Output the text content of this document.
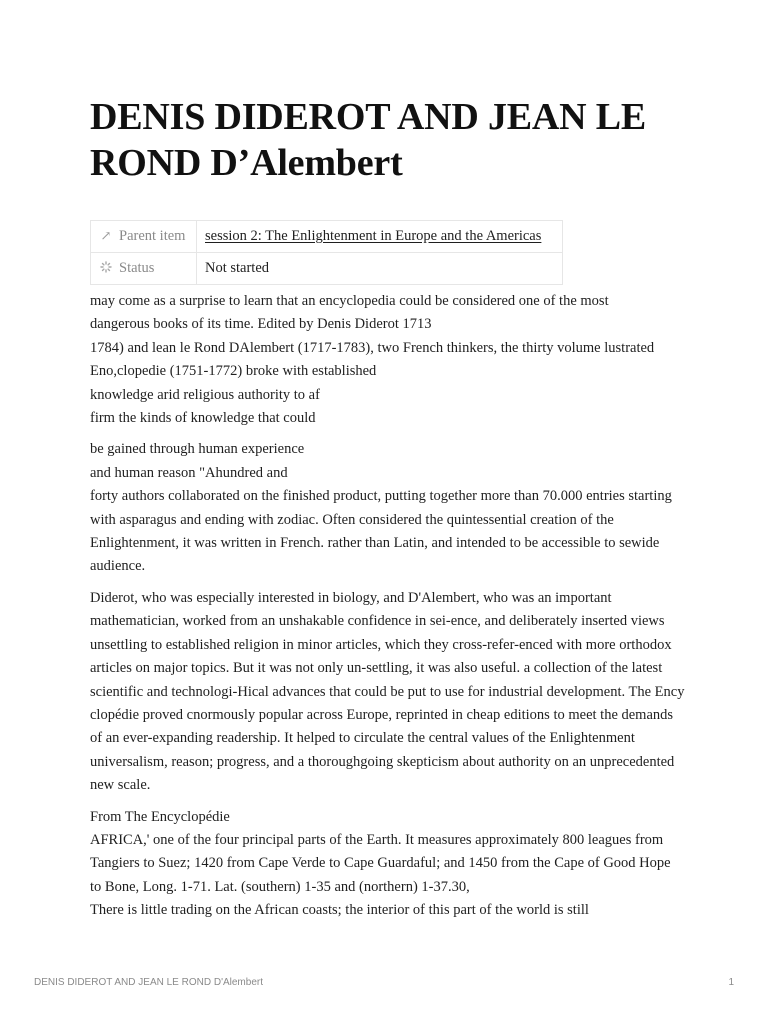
DENIS DIDEROT AND JEAN LE ROND D’Alembert
↗ Parent item	session 2: The Enlightenment in Europe and the Americas
Status	Not started

may come as a surprise to learn that an encyclopedia could be considered one of the most

dangerous books of its time. Edited by Denis Diderot 1713

1784) and lean le Rond DAlembert (1717-1783), two French thinkers, the thirty volume lustrated

Eno,clopedie (1751-1772) broke with established

knowledge arid religious authority to af

firm the kinds of knowledge that could

be gained through human experience

and human reason "Ahundred and

forty authors collaborated on the finished product, putting together more than 70.000 entries starting with asparagus and ending with zodiac. Often considered the quintessential creation of the Enlightenment, it was written in French. rather than Latin, and intended to be accessible to sewide audience.

Diderot, who was especially interested in biology, and D'Alembert, who was an important mathematician, worked from an unshakable confidence in sei-ence, and deliberately inserted views unsettling to established religion in minor articles, which they cross-refer-enced with more orthodox articles on major topics. But it was not only un-settling, it was also useful. a collection of the latest scientific and technologi-Hical advances that could be put to use for industrial development. The Ency clopédie proved cnormously popular across Europe, reprinted in cheap editions to meet the demands of an ever-expanding readership. It helped to circulate the central values of the Enlightenment universalism, reason; progress, and a thoroughgoing skepticism about authority on an unprecedented new scale.

From The Encyclopédie

AFRICA,' one of the four principal parts of the Earth. It measures approximately 800 leagues from Tangiers to Suez; 1420 from Cape Verde to Cape Guardaful; and 1450 from the Cape of Good Hope to Bone, Long. 1-71. Lat. (southern) 1-35 and (northern) 1-37.30,

There is little trading on the African coasts; the interior of this part of the world is still

DENIS DIDEROT AND JEAN LE ROND D'Alembert	1
